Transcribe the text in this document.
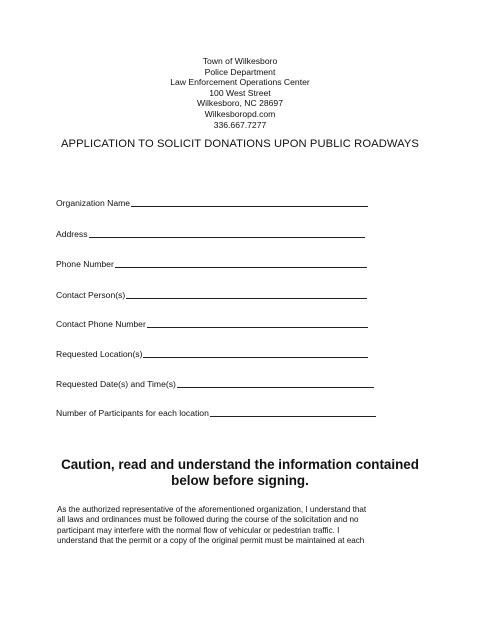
Town of Wilkesboro
Police Department
Law Enforcement Operations Center
100 West Street
Wilkesboro, NC 28697
Wilkesboropd.com
336.667.7277
APPLICATION TO SOLICIT DONATIONS UPON PUBLIC ROADWAYS
Organization Name
Address
Phone Number
Contact Person(s)
Contact Phone Number
Requested Location(s)
Requested Date(s) and Time(s)
Number of Participants for each location
Caution, read and understand the information contained
below before signing.
As the authorized representative of the aforementioned organization, I understand that
all laws and ordinances must be followed during the course of the solicitation and no
participant may interfere with the normal flow of vehicular or pedestrian traffic. I
understand that the permit or a copy of the original permit must be maintained at each
